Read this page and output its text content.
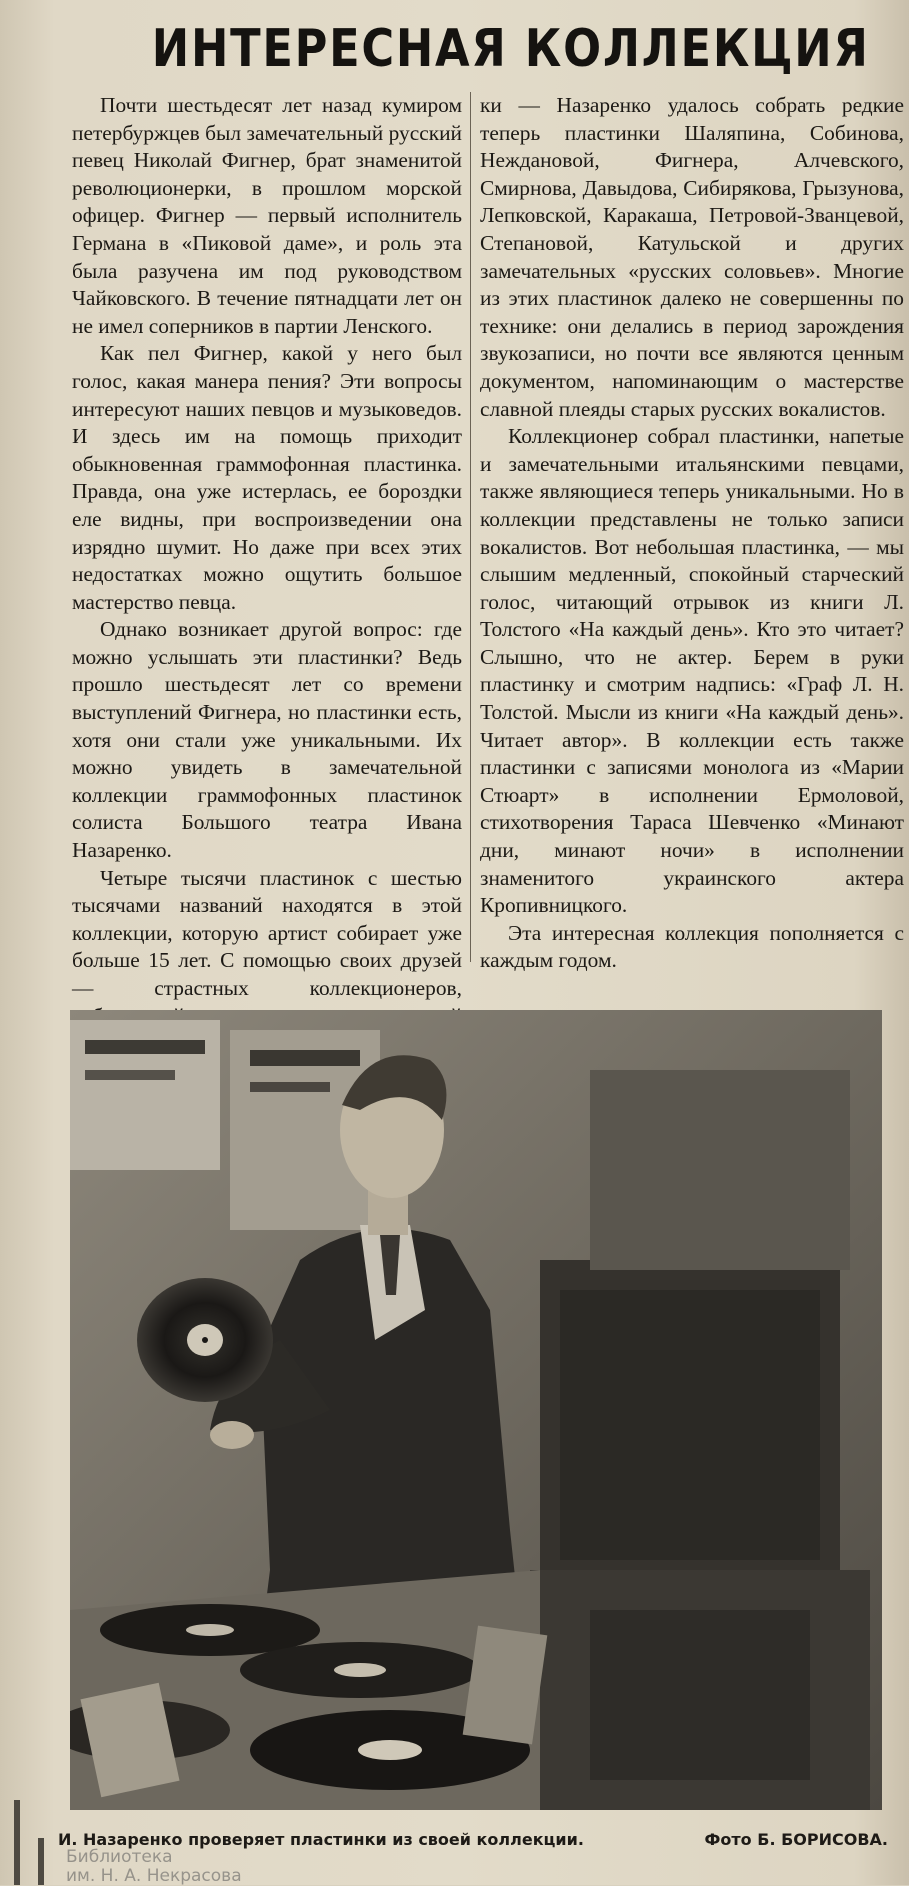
ИНТЕРЕСНАЯ КОЛЛЕКЦИЯ

Почти шестьдесят лет назад кумиром петербуржцев был замечательный русский певец Николай Фигнер, брат знаменитой революционерки, в прошлом морской офицер. Фигнер — первый исполнитель Германа в «Пиковой даме», и роль эта была разучена им под руководством Чайковского. В течение пятнадцати лет он не имел соперников в партии Ленского.

Как пел Фигнер, какой у него был голос, какая манера пения? Эти вопросы интересуют наших певцов и музыковедов. И здесь им на помощь приходит обыкновенная граммофонная пластинка. Правда, она уже истерлась, ее бороздки еле видны, при воспроизведении она изрядно шумит. Но даже при всех этих недостатках можно ощутить большое мастерство певца.

Однако возникает другой вопрос: где можно услышать эти пластинки? Ведь прошло шестьдесят лет со времени выступлений Фигнера, но пластинки есть, хотя они стали уже уникальными. Их можно увидеть в замечательной коллекции граммофонных пластинок солиста Большого театра Ивана Назаренко.

Четыре тысячи пластинок с шестью тысячами названий находятся в этой коллекции, которую артист собирает уже больше 15 лет. С помощью своих друзей — страстных коллекционеров,

ки — Назаренко удалось собрать редкие теперь пластинки Шаляпина, Собинова, Неждановой, Фигнера, Алчевского, Смирнова, Давыдова, Сибирякова, Грызунова, Лепковской, Каракаша, Петровой-Званцевой, Степановой, Катульской и других замечательных «русских соловьев». Многие из этих пластинок далеко не совершенны по технике: они делались в период зарождения звукозаписи, но почти все являются ценным документом, напоминающим о мастерстве славной плеяды старых русских вокалистов.

Коллекционер собрал пластинки, напетые и замечательными итальянскими певцами, также являющиеся теперь уникальными. Но в коллекции представлены не только записи вокалистов. Вот небольшая пластинка, — мы слышим медленный, спокойный старческий голос, читающий отрывок из книги Л. Толстого «На каждый день». Кто это читает? Слышно, что не актер. Берем в руки пластинку и смотрим надпись: «Граф Л. Н. Толстой. Мысли из книги «На каждый день». Читает автор». В коллекции есть также пластинки с записями монолога из «Марии Стюарт» в исполнении Ермоловой, стихотворения Тараса Шевченко «Минают дни, минают ночи» в исполнении знаменитого украинского актера Кропивницкого.

Эта интересная коллекция пополняется с каждым годом.

И. Назаренко проверяет пластинки из своей коллекции.	Фото Б. БОРИСОВА.
Библиотека
им. Н. А. Некрасова
